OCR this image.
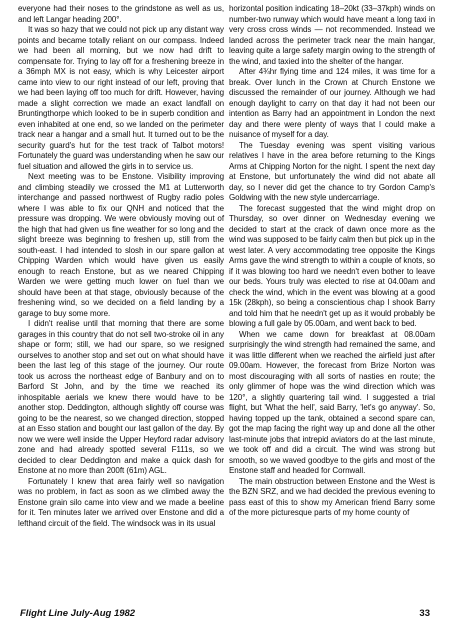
everyone had their noses to the grindstone as well as us, and left Langar heading 200°.

It was so hazy that we could not pick up any distant way points and became totally reliant on our compass. Indeed we had been all morning, but we now had drift to compensate for. Trying to lay off for a freshening breeze in a 36mph MX is not easy, which is why Leicester airport came into view to our right instead of our left, proving that we had been laying off too much for drift. However, having made a slight correction we made an exact landfall on Bruntingthorpe which looked to be in superb condition and even inhabited at one end, so we landed on the perimeter track near a hangar and a small hut. It turned out to be the security guard's hut for the test track of Talbot motors! Fortunately the guard was understanding when he saw our fuel situation and allowed the girls in to service us.

Next meeting was to be Enstone. Visibility improving and climbing steadily we crossed the M1 at Lutterworth interchange and passed northwest of Rugby radio poles where I was able to fix our QNH and noticed that the pressure was dropping. We were obviously moving out of the high that had given us fine weather for so long and the slight breeze was beginning to freshen up, still from the south-east. I had intended to slosh in our spare gallon at Chipping Warden which would have given us easily enough to reach Enstone, but as we neared Chipping Warden we were getting much lower on fuel than we should have been at that stage, obviously because of the freshening wind, so we decided on a field landing by a garage to buy some more.

I didn't realise until that morning that there are some garages in this country that do not sell two-stroke oil in any shape or form; still, we had our spare, so we resigned ourselves to another stop and set out on what should have been the last leg of this stage of the journey. Our route took us across the northeast edge of Banbury and on to Barford St John, and by the time we reached its inhospitable aerials we knew there would have to be another stop. Deddington, although slightly off course was going to be the nearest, so we changed direction, stopped at an Esso station and bought our last gallon of the day. By now we were well inside the Upper Heyford radar advisory zone and had already spotted several F111s, so we decided to clear Deddington and make a quick dash for Enstone at no more than 200ft (61m) AGL.

Fortunately I knew that area fairly well so navigation was no problem, in fact as soon as we climbed away the Enstone grain silo came into view and we made a beeline for it. Ten minutes later we arrived over Enstone and did a lefthand circuit of the field. The windsock was in its usual

horizontal position indicating 18–20kt (33–37kph) winds on number-two runway which would have meant a long taxi in very cross cross winds — not recommended. Instead we landed across the perimeter track near the main hangar, leaving quite a large safety margin owing to the strength of the wind, and taxied into the shelter of the hangar.

After 4¾hr flying time and 124 miles, it was time for a break. Over lunch in the Crown at Church Enstone we discussed the remainder of our journey. Although we had enough daylight to carry on that day it had not been our intention as Barry had an appointment in London the next day and there were plenty of ways that I could make a nuisance of myself for a day.

The Tuesday evening was spent visiting various relatives I have in the area before returning to the Kings Arms at Chipping Norton for the night. I spent the next day at Enstone, but unfortunately the wind did not abate all day, so I never did get the chance to try Gordon Camp's Goldwing with the new style undercarriage.

The forecast suggested that the wind might drop on Thursday, so over dinner on Wednesday evening we decided to start at the crack of dawn once more as the wind was supposed to be fairly calm then but pick up in the west later. A very accommodating tree opposite the Kings Arms gave the wind strength to within a couple of knots, so if it was blowing too hard we needn't even bother to leave our beds. Yours truly was elected to rise at 04.00am and check the wind, which in the event was blowing at a good 15k (28kph), so being a conscientious chap I shook Barry and told him that he needn't get up as it would probably be blowing a full gale by 05.00am, and went back to bed.

When we came down for breakfast at 08.00am surprisingly the wind strength had remained the same, and it was little different when we reached the airfield just after 09.00am. However, the forecast from Brize Norton was most discouraging with all sorts of nasties en route; the only glimmer of hope was the wind direction which was 120°, a slightly quartering tail wind. I suggested a trial flight, but 'What the hell', said Barry, 'let's go anyway'. So, having topped up the tank, obtained a second spare can, got the map facing the right way up and done all the other last-minute jobs that intrepid aviators do at the last minute, we took off and did a circuit. The wind was strong but smooth, so we waved goodbye to the girls and most of the Enstone staff and headed for Cornwall.

The main obstruction between Enstone and the West is the BZN SRZ, and we had decided the previous evening to pass east of this to show my American friend Barry some of the more picturesque parts of my home county of

Flight Line July-Aug 1982	33
